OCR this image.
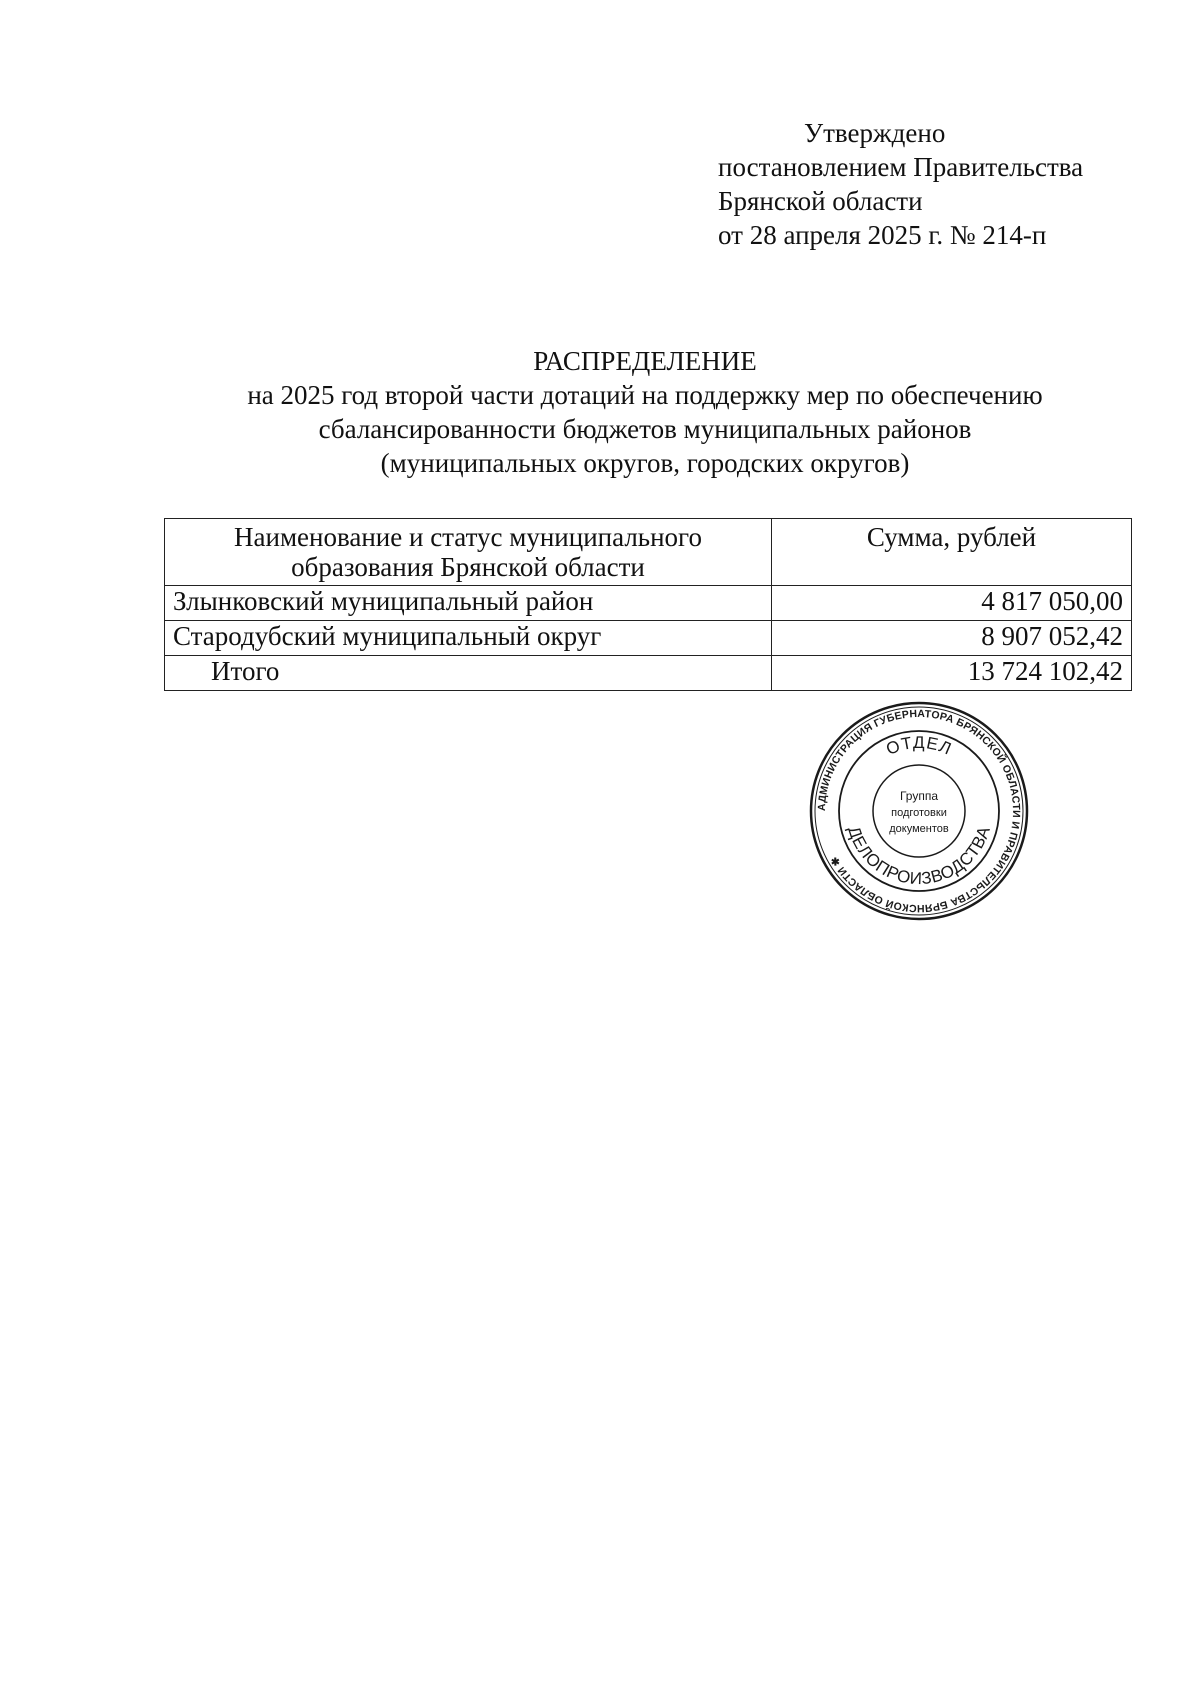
Утверждено
постановлением Правительства
Брянской области
от 28 апреля 2025 г. № 214-п
РАСПРЕДЕЛЕНИЕ
на 2025 год второй части дотаций на поддержку мер по обеспечению
сбалансированности бюджетов муниципальных районов
(муниципальных округов, городских округов)
Наименование и статус муниципального
образования Брянской области	Сумма, рублей
Злынковский муниципальный район	4 817 050,00
Стародубский муниципальный округ	8 907 052,42
Итого	13 724 102,42
АДМИНИСТРАЦИЯ ГУБЕРНАТОРА БРЯНСКОЙ ОБЛАСТИ И ПРАВИТЕЛЬСТВА БРЯНСКОЙ ОБЛАСТИ ✱
ОТДЕЛ
ДЕЛОПРОИЗВОДСТВА
Группа
подготовки
документов
